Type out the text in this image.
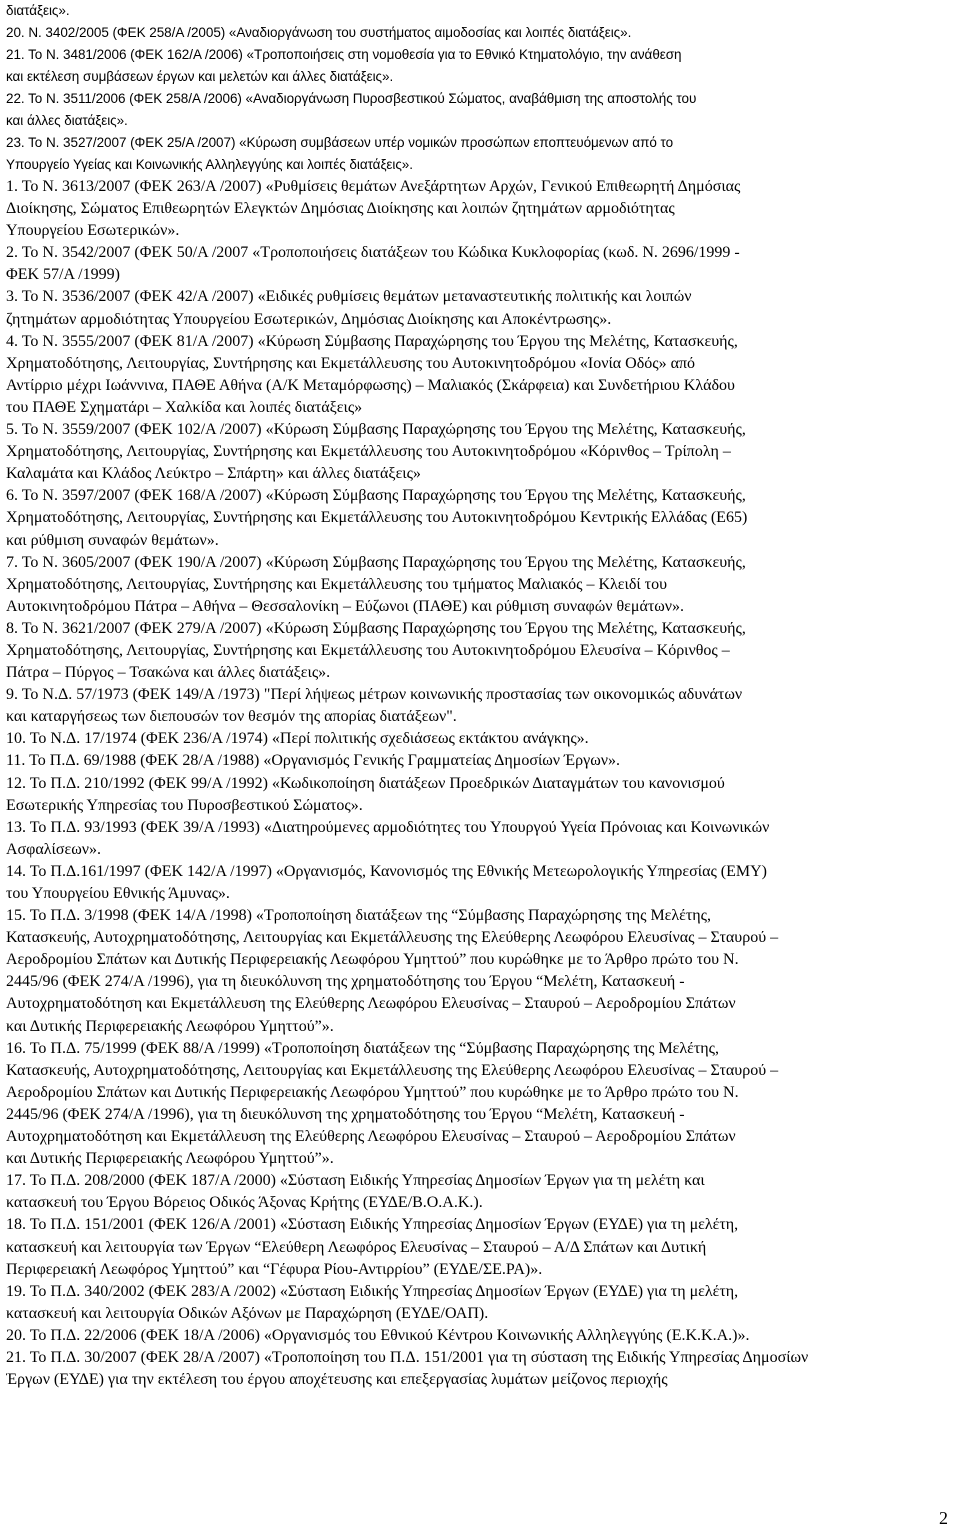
διατάξεις».
20. Ν. 3402/2005 (ΦΕΚ 258/Α /2005) «Αναδιοργάνωση του συστήματος αιμοδοσίας και λοιπές διατάξεις».
21. Το Ν. 3481/2006 (ΦΕΚ 162/Α /2006) «Τροποποιήσεις στη νομοθεσία για το Εθνικό Κτηματολόγιο, την ανάθεση
και εκτέλεση συμβάσεων έργων και μελετών και άλλες διατάξεις».
22. Το Ν. 3511/2006 (ΦΕΚ 258/Α /2006) «Αναδιοργάνωση Πυροσβεστικού Σώματος, αναβάθμιση της αποστολής του
και άλλες διατάξεις».
23. Το Ν. 3527/2007 (ΦΕΚ 25/Α /2007) «Κύρωση συμβάσεων υπέρ νομικών προσώπων εποπτευόμενων από το
Υπουργείο Υγείας και Κοινωνικής Αλληλεγγύης και λοιπές διατάξεις».
1. Το Ν. 3613/2007 (ΦΕΚ 263/Α /2007) «Ρυθμίσεις θεμάτων Ανεξάρτητων Αρχών, Γενικού Επιθεωρητή Δημόσιας
Διοίκησης, Σώματος Επιθεωρητών Ελεγκτών Δημόσιας Διοίκησης και λοιπών ζητημάτων αρμοδιότητας
Υπουργείου Εσωτερικών».
2. Το Ν. 3542/2007 (ΦΕΚ 50/Α /2007 «Τροποποιήσεις διατάξεων του Κώδικα Κυκλοφορίας (κωδ. Ν. 2696/1999 -
ΦΕΚ 57/Α /1999)
3. Το Ν. 3536/2007 (ΦΕΚ 42/Α /2007) «Ειδικές ρυθμίσεις θεμάτων μεταναστευτικής πολιτικής και λοιπών
ζητημάτων αρμοδιότητας Υπουργείου Εσωτερικών, Δημόσιας Διοίκησης και Αποκέντρωσης».
4. Το Ν. 3555/2007 (ΦΕΚ 81/Α /2007) «Κύρωση Σύμβασης Παραχώρησης του Έργου της Μελέτης, Κατασκευής,
Χρηματοδότησης, Λειτουργίας, Συντήρησης και Εκμετάλλευσης του Αυτοκινητοδρόμου «Ιονία Οδός» από
Αντίρριο μέχρι Ιωάννινα, ΠΑΘΕ Αθήνα (Α/Κ Μεταμόρφωσης) – Μαλιακός (Σκάρφεια) και Συνδετήριου Κλάδου
του ΠΑΘΕ Σχηματάρι – Χαλκίδα και λοιπές διατάξεις»
5. Το Ν. 3559/2007 (ΦΕΚ 102/Α /2007) «Κύρωση Σύμβασης Παραχώρησης του Έργου της Μελέτης, Κατασκευής,
Χρηματοδότησης, Λειτουργίας, Συντήρησης και Εκμετάλλευσης του Αυτοκινητοδρόμου «Κόρινθος – Τρίπολη –
Καλαμάτα και Κλάδος Λεύκτρο – Σπάρτη» και άλλες διατάξεις»
6. Το Ν. 3597/2007 (ΦΕΚ 168/Α /2007) «Κύρωση Σύμβασης Παραχώρησης του Έργου της Μελέτης, Κατασκευής,
Χρηματοδότησης, Λειτουργίας, Συντήρησης και Εκμετάλλευσης του Αυτοκινητοδρόμου Κεντρικής Ελλάδας (Ε65)
και ρύθμιση συναφών θεμάτων».
7. Το Ν. 3605/2007 (ΦΕΚ 190/Α /2007) «Κύρωση Σύμβασης Παραχώρησης του Έργου της Μελέτης, Κατασκευής,
Χρηματοδότησης, Λειτουργίας, Συντήρησης και Εκμετάλλευσης του τμήματος Μαλιακός – Κλειδί του
Αυτοκινητοδρόμου Πάτρα – Αθήνα – Θεσσαλονίκη – Εύζωνοι (ΠΑΘΕ) και ρύθμιση συναφών θεμάτων».
8. Το Ν. 3621/2007 (ΦΕΚ 279/Α /2007) «Κύρωση Σύμβασης Παραχώρησης του Έργου της Μελέτης, Κατασκευής,
Χρηματοδότησης, Λειτουργίας, Συντήρησης και Εκμετάλλευσης του Αυτοκινητοδρόμου Ελευσίνα – Κόρινθος –
Πάτρα – Πύργος – Τσακώνα και άλλες διατάξεις».
9. Το Ν.Δ. 57/1973 (ΦΕΚ 149/Α /1973) "Περί λήψεως μέτρων κοινωνικής προστασίας των οικονομικώς αδυνάτων
και καταργήσεως των διεπουσών τον θεσμόν της απορίας διατάξεων".
10. Το Ν.Δ. 17/1974 (ΦΕΚ 236/Α /1974) «Περί πολιτικής σχεδιάσεως εκτάκτου ανάγκης».
11. Το Π.Δ. 69/1988 (ΦΕΚ 28/Α /1988) «Οργανισμός Γενικής Γραμματείας Δημοσίων Έργων».
12. Το Π.Δ. 210/1992 (ΦΕΚ 99/Α /1992) «Κωδικοποίηση διατάξεων Προεδρικών Διαταγμάτων του κανονισμού
Εσωτερικής Υπηρεσίας του Πυροσβεστικού Σώματος».
13. Το Π.Δ. 93/1993 (ΦΕΚ 39/Α /1993) «Διατηρούμενες αρμοδιότητες του Υπουργού Υγεία Πρόνοιας και Κοινωνικών
Ασφαλίσεων».
14. Το Π.Δ.161/1997 (ΦΕΚ 142/Α /1997) «Οργανισμός, Κανονισμός της Εθνικής Μετεωρολογικής Υπηρεσίας (ΕΜΥ)
του Υπουργείου Εθνικής Άμυνας».
15. Το Π.Δ. 3/1998 (ΦΕΚ 14/Α /1998) «Τροποποίηση διατάξεων της “Σύμβασης Παραχώρησης της Μελέτης,
Κατασκευής, Αυτοχρηματοδότησης, Λειτουργίας και Εκμετάλλευσης της Ελεύθερης Λεωφόρου Ελευσίνας – Σταυρού –
Αεροδρομίου Σπάτων και Δυτικής Περιφερειακής Λεωφόρου Υμηττού” που κυρώθηκε με το Άρθρο πρώτο του Ν.
2445/96 (ΦΕΚ 274/Α /1996), για τη διευκόλυνση της χρηματοδότησης του Έργου “Μελέτη, Κατασκευή -
Αυτοχρηματοδότηση και Εκμετάλλευση της Ελεύθερης Λεωφόρου Ελευσίνας – Σταυρού – Αεροδρομίου Σπάτων
και Δυτικής Περιφερειακής Λεωφόρου Υμηττού”».
16. Το Π.Δ. 75/1999 (ΦΕΚ 88/Α /1999) «Τροποποίηση διατάξεων της “Σύμβασης Παραχώρησης της Μελέτης,
Κατασκευής, Αυτοχρηματοδότησης, Λειτουργίας και Εκμετάλλευσης της Ελεύθερης Λεωφόρου Ελευσίνας – Σταυρού –
Αεροδρομίου Σπάτων και Δυτικής Περιφερειακής Λεωφόρου Υμηττού” που κυρώθηκε με το Άρθρο πρώτο του Ν.
2445/96 (ΦΕΚ 274/Α /1996), για τη διευκόλυνση της χρηματοδότησης του Έργου “Μελέτη, Κατασκευή -
Αυτοχρηματοδότηση και Εκμετάλλευση της Ελεύθερης Λεωφόρου Ελευσίνας – Σταυρού – Αεροδρομίου Σπάτων
και Δυτικής Περιφερειακής Λεωφόρου Υμηττού”».
17. Το Π.Δ. 208/2000 (ΦΕΚ 187/Α /2000) «Σύσταση Ειδικής Υπηρεσίας Δημοσίων Έργων για τη μελέτη και
κατασκευή του Έργου Βόρειος Οδικός Άξονας Κρήτης (ΕΥΔΕ/Β.Ο.Α.Κ.).
18. Το Π.Δ. 151/2001 (ΦΕΚ 126/Α /2001) «Σύσταση Ειδικής Υπηρεσίας Δημοσίων Έργων (ΕΥΔΕ) για τη μελέτη,
κατασκευή και λειτουργία των Έργων “Ελεύθερη Λεωφόρος Ελευσίνας – Σταυρού – Α/Δ Σπάτων και Δυτική
Περιφερειακή Λεωφόρος Υμηττού” και “Γέφυρα Ρίου-Αντιρρίου” (ΕΥΔΕ/ΣΕ.ΡΑ)».
19. Το Π.Δ. 340/2002 (ΦΕΚ 283/Α /2002) «Σύσταση Ειδικής Υπηρεσίας Δημοσίων Έργων (ΕΥΔΕ) για τη μελέτη,
κατασκευή και λειτουργία Οδικών Αξόνων με Παραχώρηση (ΕΥΔΕ/ΟΑΠ).
20. Το Π.Δ. 22/2006 (ΦΕΚ 18/Α /2006) «Οργανισμός του Εθνικού Κέντρου Κοινωνικής Αλληλεγγύης (Ε.Κ.Κ.Α.)».
21. Το Π.Δ. 30/2007 (ΦΕΚ 28/Α /2007) «Τροποποίηση του Π.Δ. 151/2001 για τη σύσταση της Ειδικής Υπηρεσίας Δημοσίων
Έργων (ΕΥΔΕ) για την εκτέλεση του έργου αποχέτευσης και επεξεργασίας λυμάτων μείζονος περιοχής
2
